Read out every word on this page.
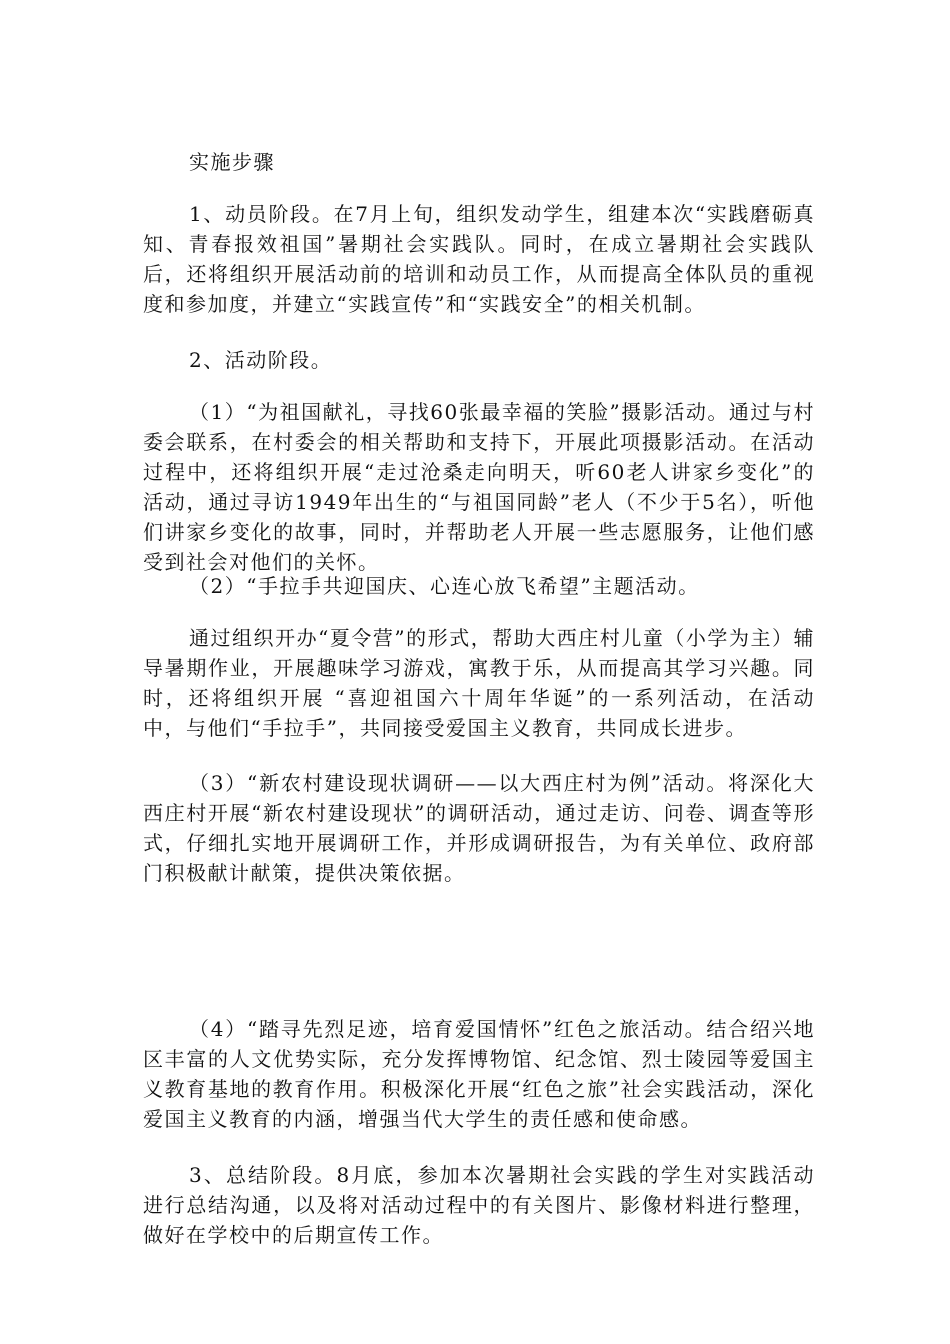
实施步骤

1、动员阶段。在7月上旬，组织发动学生，组建本次“实践磨砺真知、青春报效祖国”暑期社会实践队。同时，在成立暑期社会实践队后，还将组织开展活动前的培训和动员工作，从而提高全体队员的重视度和参加度，并建立“实践宣传”和“实践安全”的相关机制。

2、活动阶段。

（1）“为祖国献礼，寻找60张最幸福的笑脸”摄影活动。通过与村委会联系，在村委会的相关帮助和支持下，开展此项摄影活动。在活动过程中，还将组织开展“走过沧桑走向明天，听60老人讲家乡变化”的活动，通过寻访1949年出生的“与祖国同龄”老人（不少于5名），听他们讲家乡变化的故事，同时，并帮助老人开展一些志愿服务，让他们感受到社会对他们的关怀。

（2）“手拉手共迎国庆、心连心放飞希望”主题活动。

通过组织开办“夏令营”的形式，帮助大西庄村儿童（小学为主）辅导暑期作业，开展趣味学习游戏，寓教于乐，从而提高其学习兴趣。同时，还将组织开展 “喜迎祖国六十周年华诞”的一系列活动，在活动中，与他们“手拉手”，共同接受爱国主义教育，共同成长进步。

（3）“新农村建设现状调研——以大西庄村为例”活动。将深化大西庄村开展“新农村建设现状”的调研活动，通过走访、问卷、调查等形式，仔细扎实地开展调研工作，并形成调研报告，为有关单位、政府部门积极献计献策，提供决策依据。

（4）“踏寻先烈足迹，培育爱国情怀”红色之旅活动。结合绍兴地区丰富的人文优势实际，充分发挥博物馆、纪念馆、烈士陵园等爱国主义教育基地的教育作用。积极深化开展“红色之旅”社会实践活动，深化爱国主义教育的内涵，增强当代大学生的责任感和使命感。

3、总结阶段。8月底，参加本次暑期社会实践的学生对实践活动进行总结沟通，以及将对活动过程中的有关图片、影像材料进行整理，做好在学校中的后期宣传工作。
